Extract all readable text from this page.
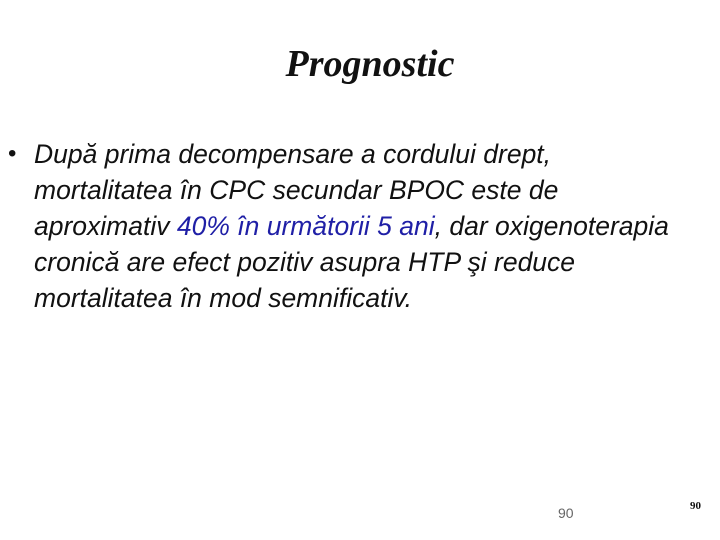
Prognostic
• După prima decompensare a cordului drept, mortalitatea în CPC secundar BPOC este de aproximativ 40% în următorii 5 ani, dar oxigenoterapia cronică are efect pozitiv asupra HTP şi reduce mortalitatea în mod semnificativ.
90	90
